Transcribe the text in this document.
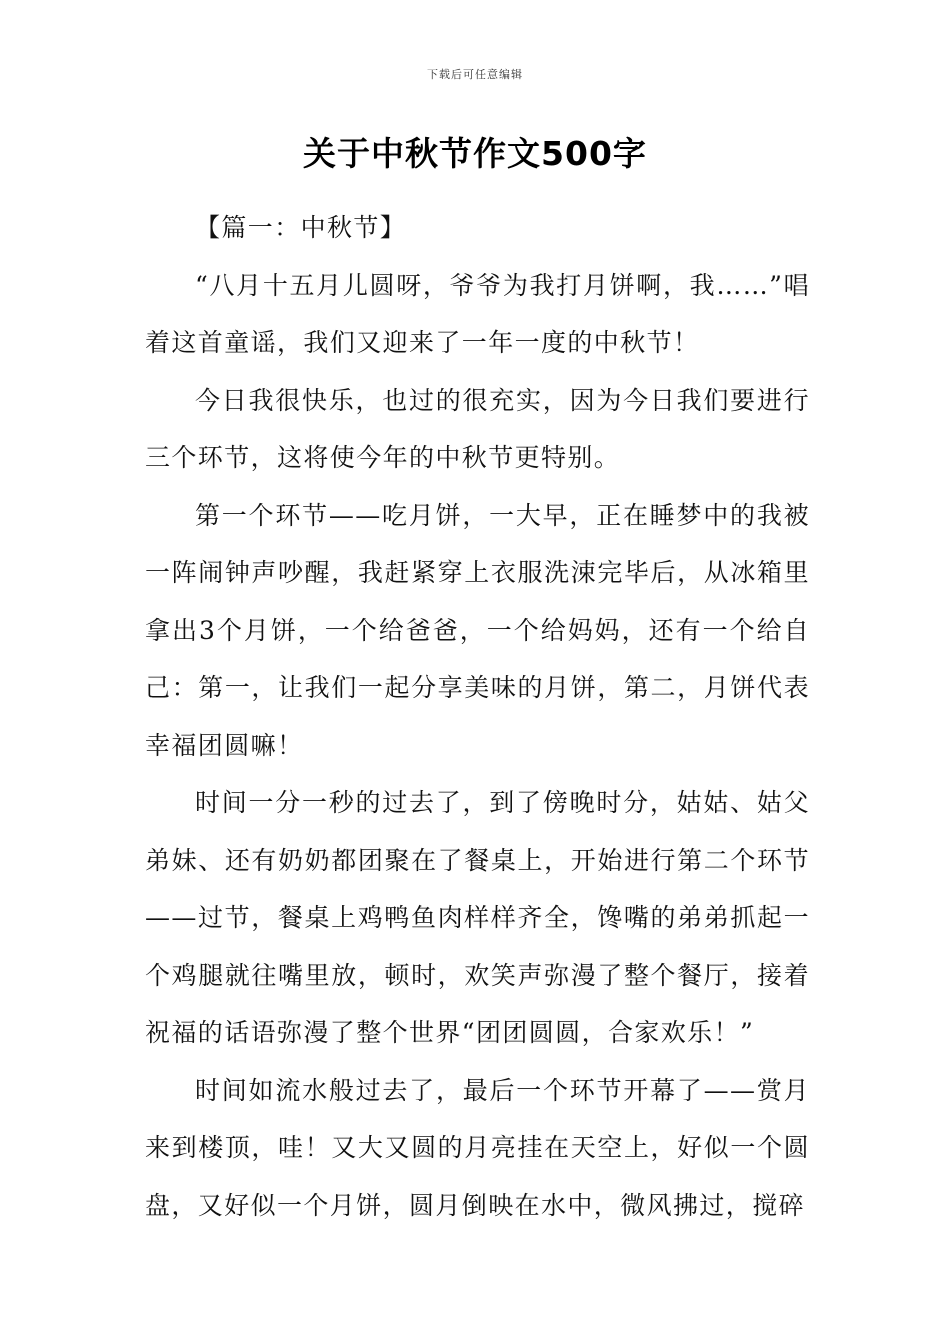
下载后可任意编辑
关于中秋节作文500字

【篇一：中秋节】

“八月十五月儿圆呀，爷爷为我打月饼啊，我……”唱着这首童谣，我们又迎来了一年一度的中秋节！

今日我很快乐，也过的很充实，因为今日我们要进行三个环节，这将使今年的中秋节更特别。

第一个环节——吃月饼，一大早，正在睡梦中的我被一阵闹钟声吵醒，我赶紧穿上衣服洗涑完毕后，从冰箱里拿出3个月饼，一个给爸爸，一个给妈妈，还有一个给自己：第一，让我们一起分享美味的月饼，第二，月饼代表幸福团圆嘛！

时间一分一秒的过去了，到了傍晚时分，姑姑、姑父弟妹、还有奶奶都团聚在了餐桌上，开始进行第二个环节——过节，餐桌上鸡鸭鱼肉样样齐全，馋嘴的弟弟抓起一个鸡腿就往嘴里放，顿时，欢笑声弥漫了整个餐厅，接着祝福的话语弥漫了整个世界“团团圆圆，合家欢乐！”

时间如流水般过去了，最后一个环节开幕了——赏月来到楼顶，哇！又大又圆的月亮挂在天空上，好似一个圆盘，又好似一个月饼，圆月倒映在水中，微风拂过，搅碎
